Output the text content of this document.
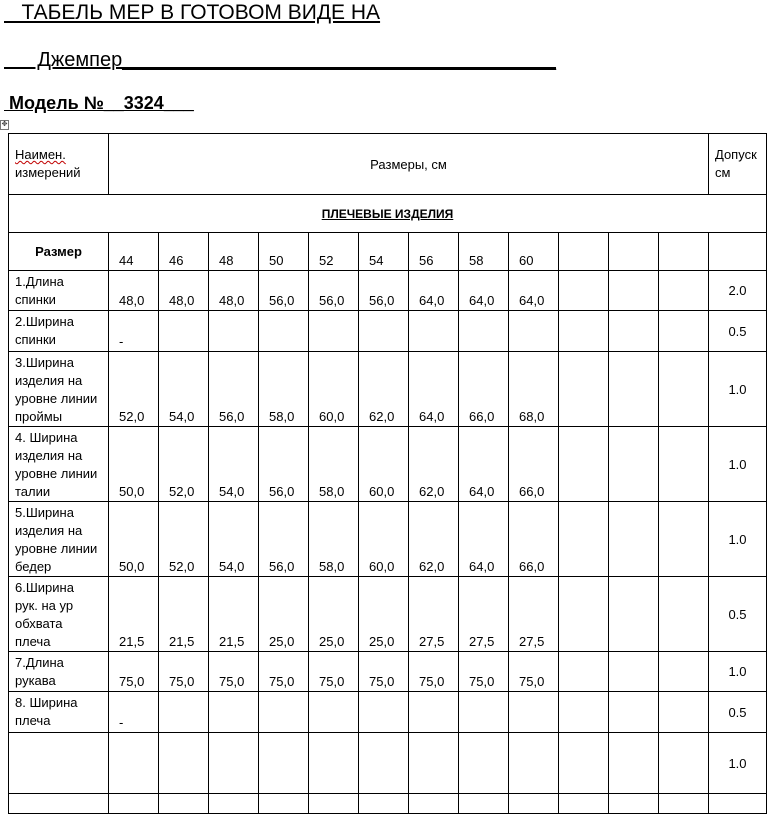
ТАБЕЛЬ МЕР В ГОТОВОМ ВИДЕ НА
Джемпер_______________________________________
Модель №__3324___
✥
Наимен.
измерений	Размеры, см												Допуск
см
ПЛЕЧЕВЫЕ ИЗДЕЛИЯ													
Размер	44	46	48	50	52	54	56	58	60				

1.Длина
спинки	48,0	48,0	48,0	56,0	56,0	56,0	64,0	64,0	64,0				2.0

2.Ширина
спинки	-												0.5

3.Ширина
изделия на
уровне линии
проймы	52,0	54,0	56,0	58,0	60,0	62,0	64,0	66,0	68,0				1.0

4. Ширина
изделия на
уровне линии
талии	50,0	52,0	54,0	56,0	58,0	60,0	62,0	64,0	66,0				1.0

5.Ширина
изделия на
уровне линии
бедер	50,0	52,0	54,0	56,0	58,0	60,0	62,0	64,0	66,0				1.0

6.Ширина
рук. на ур
обхвата
плеча	21,5	21,5	21,5	25,0	25,0	25,0	27,5	27,5	27,5				0.5

7.Длина
рукава	75,0	75,0	75,0	75,0	75,0	75,0	75,0	75,0	75,0				1.0

8. Ширина
плеча	-												0.5
													1.0
